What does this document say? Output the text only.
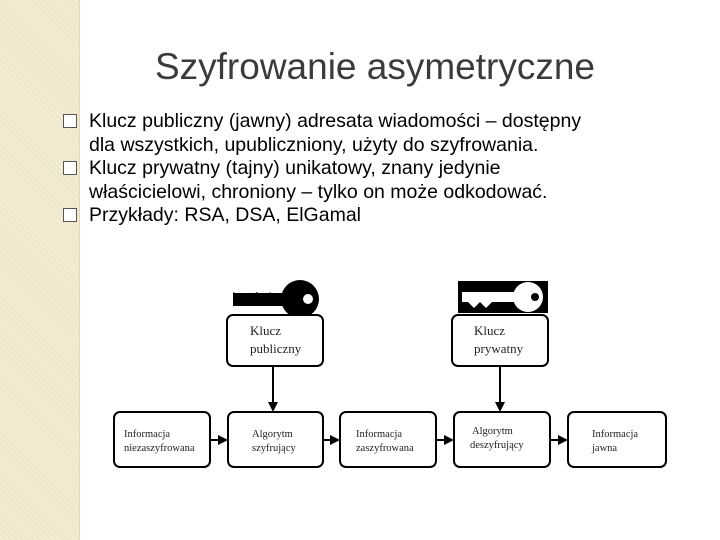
Szyfrowanie asymetryczne
Klucz publiczny (jawny) adresata wiadomości – dostępny
dla wszystkich, upubliczniony, użyty do szyfrowania.
Klucz prywatny (tajny) unikatowy, znany jedynie
właścicielowi, chroniony – tylko on może odkodować.
Przykłady: RSA, DSA, ElGamal
Klucz
publiczny
Klucz
prywatny
Informacja
niezaszyfrowana
Algorytm
szyfrujący
Informacja
zaszyfrowana
Algorytm
deszyfrujący
Informacja
jawna
